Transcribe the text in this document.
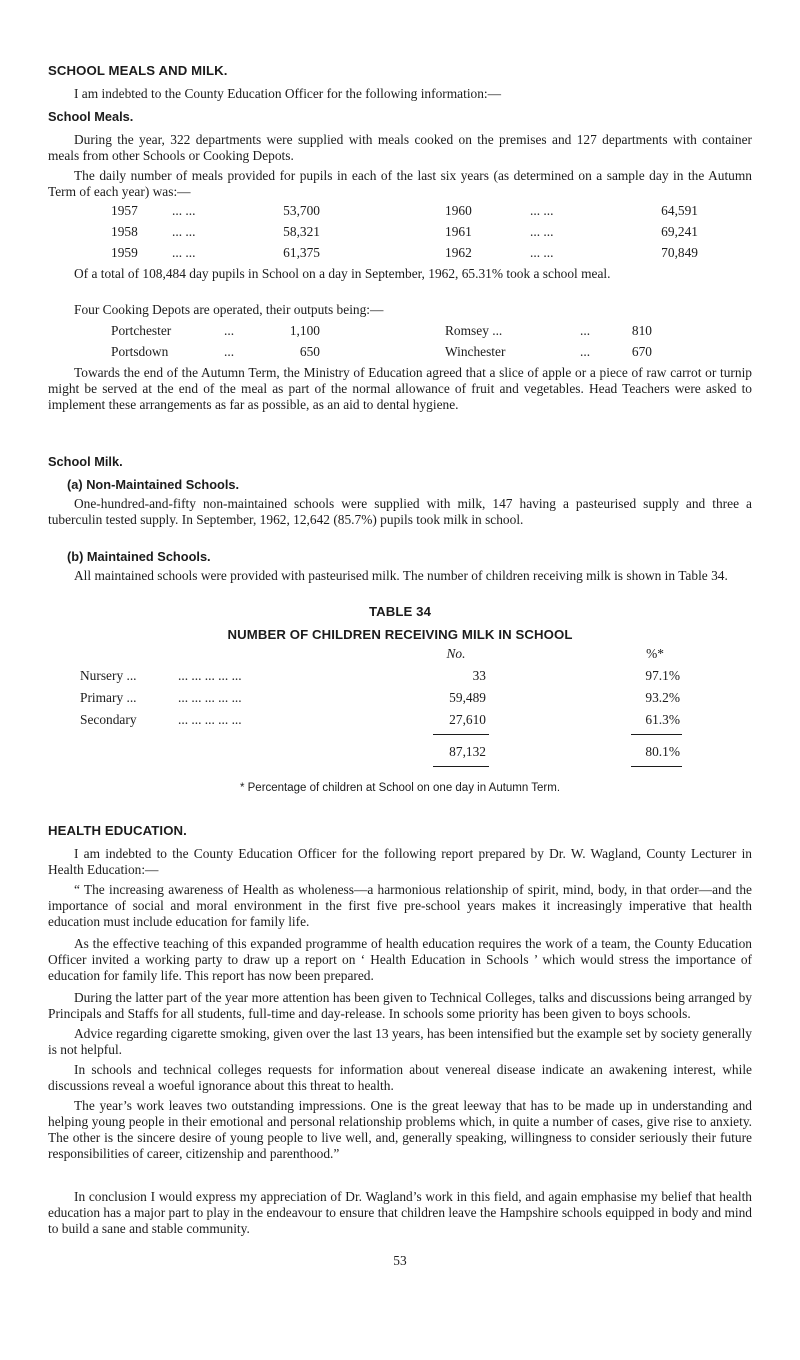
SCHOOL MEALS AND MILK.

I am indebted to the County Education Officer for the following information:—

School Meals.

During the year, 322 departments were supplied with meals cooked on the premises and 127 departments with container meals from other Schools or Cooking Depots.

The daily number of meals provided for pupils in each of the last six years (as determined on a sample day in the Autumn Term of each year) was:—

1957	... ...	53,700
1958	... ...	58,321
1959	... ...	61,375
1960	... ...	64,591
1961	... ...	69,241
1962	... ...	70,849

Of a total of 108,484 day pupils in School on a day in September, 1962, 65.31% took a school meal.

Four Cooking Depots are operated, their outputs being:—

Portchester	...	1,100
Portsdown	...	650
Romsey ...	...	810
Winchester	...	670

Towards the end of the Autumn Term, the Ministry of Education agreed that a slice of apple or a piece of raw carrot or turnip might be served at the end of the meal as part of the normal allowance of fruit and vegetables. Head Teachers were asked to implement these arrangements as far as possible, as an aid to dental hygiene.

School Milk.
(a) Non-Maintained Schools.

One-hundred-and-fifty non-maintained schools were supplied with milk, 147 having a pasteurised supply and three a tuberculin tested supply. In September, 1962, 12,642 (85.7%) pupils took milk in school.

(b) Maintained Schools.

All maintained schools were provided with pasteurised milk. The number of children receiving milk is shown in Table 34.

TABLE 34
NUMBER OF CHILDREN RECEIVING MILK IN SCHOOL
No.	%*
Nursery ...	... ... ... ... ...	33	97.1%
Primary ...	... ... ... ... ...	59,489	93.2%
Secondary	... ... ... ... ...	27,610	61.3%
87,132	80.1%
* Percentage of children at School on one day in Autumn Term.
HEALTH EDUCATION.

I am indebted to the County Education Officer for the following report prepared by Dr. W. Wagland, County Lecturer in Health Education:—

“ The increasing awareness of Health as wholeness—a harmonious relationship of spirit, mind, body, in that order—and the importance of social and moral environment in the first five pre-school years makes it increasingly imperative that health education must include education for family life.

As the effective teaching of this expanded programme of health education requires the work of a team, the County Education Officer invited a working party to draw up a report on ‘ Health Education in Schools ’ which would stress the importance of education for family life. This report has now been prepared.

During the latter part of the year more attention has been given to Technical Colleges, talks and discussions being arranged by Principals and Staffs for all students, full-time and day-release. In schools some priority has been given to boys schools.

Advice regarding cigarette smoking, given over the last 13 years, has been intensified but the example set by society generally is not helpful.

In schools and technical colleges requests for information about venereal disease indicate an awakening interest, while discussions reveal a woeful ignorance about this threat to health.

The year’s work leaves two outstanding impressions. One is the great leeway that has to be made up in understanding and helping young people in their emotional and personal relationship problems which, in quite a number of cases, give rise to anxiety. The other is the sincere desire of young people to live well, and, generally speaking, willingness to consider seriously their future responsibilities of career, citizenship and parenthood.”

In conclusion I would express my appreciation of Dr. Wagland’s work in this field, and again emphasise my belief that health education has a major part to play in the endeavour to ensure that children leave the Hampshire schools equipped in body and mind to build a sane and stable community.

53
